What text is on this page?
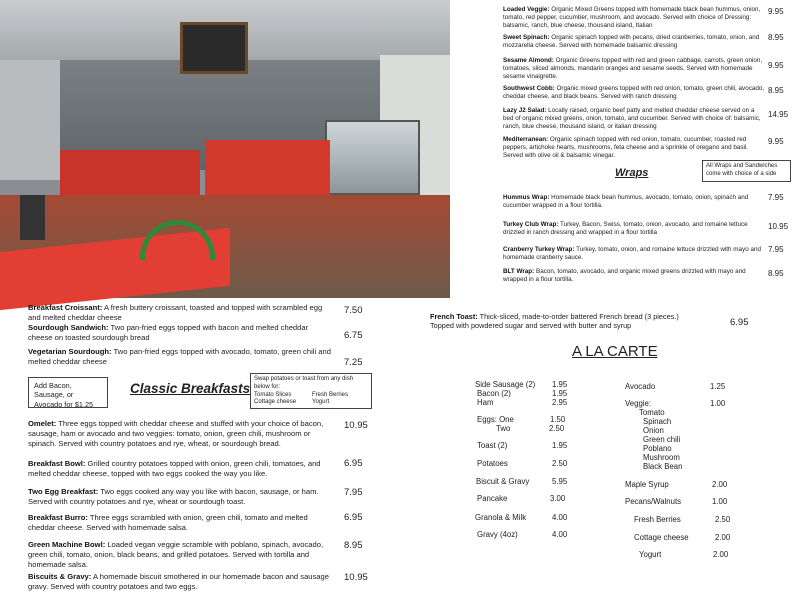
Loaded Veggie: Organic Mixed Greens topped with homemade black bean hummus, onion, tomato, red pepper, cucumber, mushroom, and avocado. Served with choice of Dressing: balsamic, ranch, blue cheese, thousand island, Italian
9.95
Sweet Spinach: Organic spinach topped with pecans, dried cranberries, tomato, onion, and mozzarella cheese. Served with homemade balsamic dressing
8.95
Sesame Almond: Organic Greens topped with red and green cabbage, carrots, green onion, tomatoes, sliced almonds, mandarin oranges and sesame seeds. Served with homemade sesame vinaigrette.
9.95
Southwest Cobb: Organic mixed greens topped with red onion, tomato, green chili, avocado, cheddar cheese, and black beans. Served with ranch dressing
8.95
Lazy J2 Salad: Locally raised, organic beef patty and melted cheddar cheese served on a bed of organic mixed greens, onion, tomato, and cucumber. Served with choice of: balsamic, ranch, blue cheese, thousand island, or italian dressing
14.95
Mediterranean: Organic spinach topped with red onion, tomato, cucumber, roasted red peppers, artichoke hearts, mushrooms, feta cheese and a sprinkle of oregano and basil. Served with olive oil & balsamic vinegar.
9.95
Hummus Wrap: Homemade black bean hummus, avocado, tomato, onion, spinach and cucumber wrapped in a flour tortilla.
7.95
Turkey Club Wrap: Turkey, Bacon, Swiss, tomato, onion, avocado, and romaine lettuce drizzled in ranch dressing and wrapped in a flour tortilla
10.95
Cranberry Turkey Wrap: Turkey, tomato, onion, and romaine lettuce drizzled with mayo and homemade cranberry sauce.
7.95
BLT Wrap: Bacon, tomato, avocado, and organic mixed greens drizzled with mayo and wrapped in a flour tortilla.
8.95
Breakfast Croissant: A fresh buttery croissant, toasted and topped with scrambled egg and melted cheddar cheese
7.50
Sourdough Sandwich: Two pan-fried eggs topped with bacon and melted cheddar cheese on toasted sourdough bread	6.75
Vegetarian Sourdough: Two pan-fried eggs topped with avocado, tomato, green chili and melted cheddar cheese	7.25
Omelet: Three eggs topped with cheddar cheese and stuffed with your choice of bacon, sausage, ham or avocado and two veggies: tomato, onion, green chili, mushroom or spinach. Served with country potatoes and rye, wheat, or sourdough bread.
10.95
Breakfast Bowl: Grilled country potatoes topped with onion, green chili, tomatoes, and melted cheddar cheese, topped with two eggs cooked the way you like.
6.95
Two Egg Breakfast: Two eggs cooked any way you like with bacon, sausage, or ham. Served with country potatoes and rye, wheat or sourdough toast.
7.95
Breakfast Burro: Three eggs scrambled with onion, green chili, tomato and melted cheddar cheese. Served with homemade salsa.
6.95
Green Machine Bowl: Loaded vegan veggie scramble with poblano, spinach, avocado, green chili, tomato, onion, black beans, and grilled potatoes. Served with tortilla and homemade salsa.
8.95
Biscuits & Gravy: A homemade biscuit smothered in our homemade bacon and sausage gravy. Served with country potatoes and two eggs.
10.95
Wraps
All Wraps and Sandwiches come with choice of a side
Add Bacon, Sausage, or Avocado for $1.25
Classic Breakfasts
Swap potatoes or toast from any dish below for:
Tomato Slices	Fresh Berries
Cottage cheese	Yogurt
French Toast: Thick-sliced, made-to-order battered French bread (3 pieces.) Topped with powdered sugar and served with butter and syrup	6.95
A LA CARTE
Side Sausage (2) 1.95
Bacon (2)	1.95
Ham	2.95
Eggs: One	1.50
Two	2.50
Toast (2)	1.95
Potatoes	2.50
Biscuit & Gravy	5.95
Pancake	3.00
Granola & Milk	4.00
Gravy (4oz)	4.00
Avocado	1.25
Veggie:	1.00
Maple Syrup	2.00
Pecans/Walnuts	1.00
Fresh Berries	2.50
Cottage cheese	2.00
Yogurt	2.00
Tomato
Spinach
Onion
Green chili
Poblano
Mushroom
Black Bean
